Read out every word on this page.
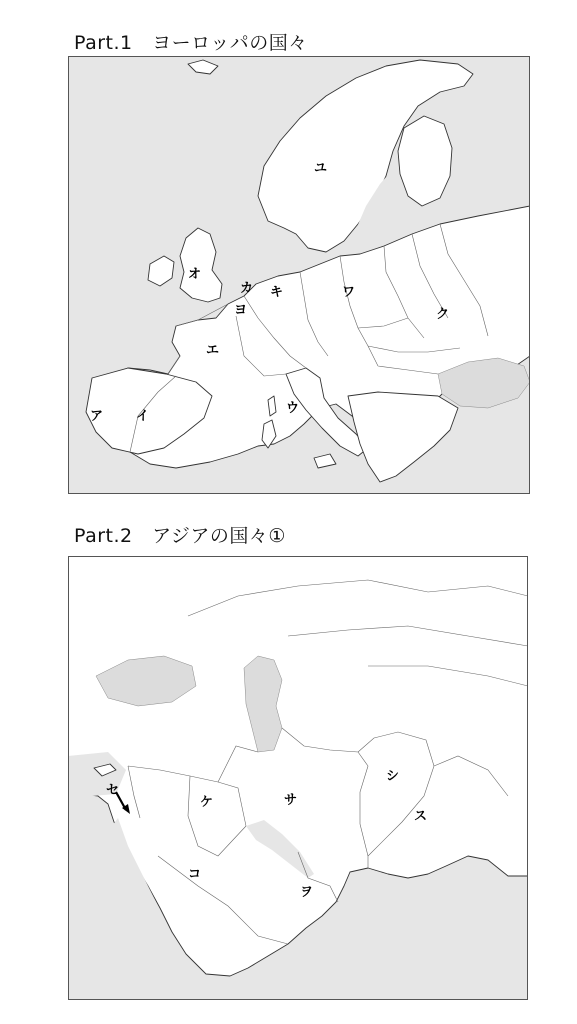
Part.1　ヨーロッパの国々
ア	イ
ウ
エ
オ
カ キ
ク
ユ
ヨ
ワ
Part.2　アジアの国々①
ケ
コ
サ
シ
ス
セ
ヲ
